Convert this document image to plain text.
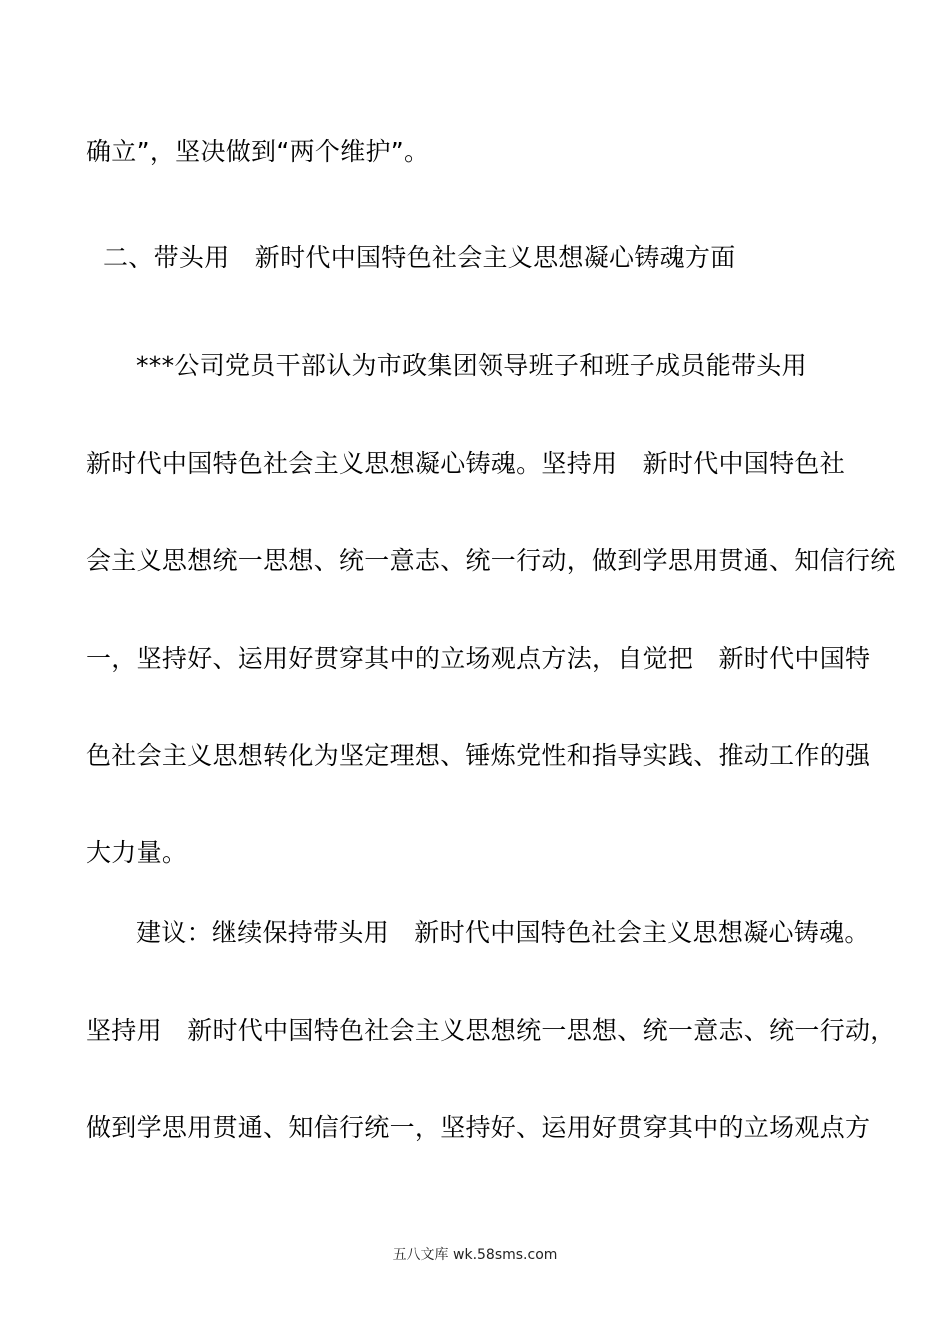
确立”，坚决做到“两个维护”。
二、带头用　新时代中国特色社会主义思想凝心铸魂方面
***公司党员干部认为市政集团领导班子和班子成员能带头用
新时代中国特色社会主义思想凝心铸魂。坚持用　新时代中国特色社
会主义思想统一思想、统一意志、统一行动，做到学思用贯通、知信行统
一，坚持好、运用好贯穿其中的立场观点方法，自觉把　新时代中国特
色社会主义思想转化为坚定理想、锤炼党性和指导实践、推动工作的强
大力量。
建议：继续保持带头用　新时代中国特色社会主义思想凝心铸魂。
坚持用　新时代中国特色社会主义思想统一思想、统一意志、统一行动，
做到学思用贯通、知信行统一，坚持好、运用好贯穿其中的立场观点方
五八文库 wk.58sms.com
